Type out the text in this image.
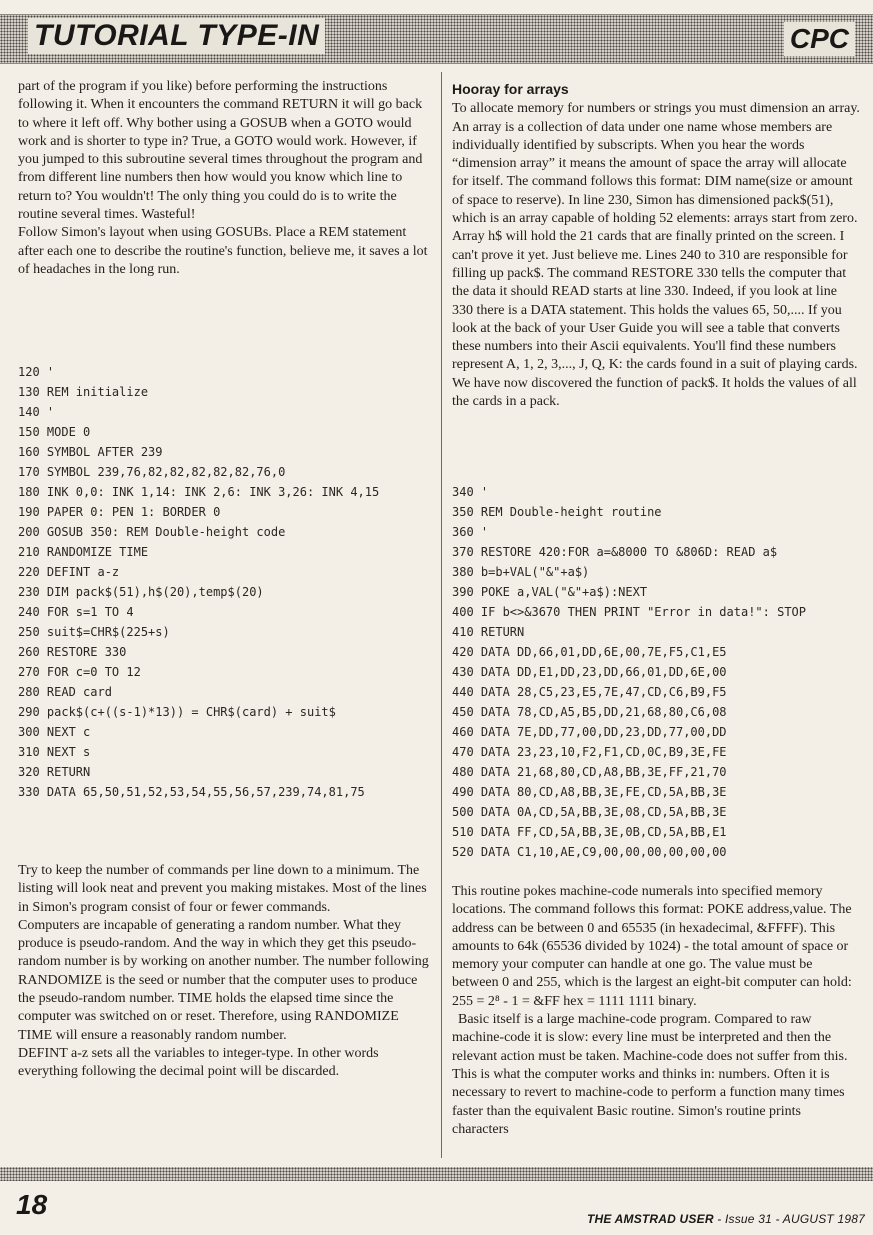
TUTORIAL TYPE-IN	CPC

part of the program if you like) before performing the instructions following it. When it encounters the command RETURN it will go back to where it left off. Why bother using a GOSUB when a GOTO would work and is shorter to type in? True, a GOTO would work. However, if you jumped to this subroutine several times throughout the program and from different line numbers then how would you know which line to return to? You wouldn't! The only thing you could do is to write the routine several times. Wasteful!

Follow Simon's layout when using GOSUBs. Place a REM statement after each one to describe the routine's function, believe me, it saves a lot of headaches in the long run.

120 '
130 REM initialize
140 '
150 MODE 0
160 SYMBOL AFTER 239
170 SYMBOL 239,76,82,82,82,82,82,76,0
180 INK 0,0: INK 1,14: INK 2,6: INK 3,26: INK 4,15
190 PAPER 0: PEN 1: BORDER 0
200 GOSUB 350: REM Double-height code
210 RANDOMIZE TIME
220 DEFINT a-z
230 DIM pack$(51),h$(20),temp$(20)
240 FOR s=1 TO 4
250 suit$=CHR$(225+s)
260 RESTORE 330
270 FOR c=0 TO 12
280 READ card
290 pack$(c+((s-1)*13)) = CHR$(card) + suit$
300 NEXT c
310 NEXT s
320 RETURN
330 DATA 65,50,51,52,53,54,55,56,57,239,74,81,75

Try to keep the number of commands per line down to a minimum. The listing will look neat and prevent you making mistakes. Most of the lines in Simon's program consist of four or fewer commands.

Computers are incapable of generating a random number. What they produce is pseudo-random. And the way in which they get this pseudo-random number is by working on another number. The number following RANDOMIZE is the seed or number that the computer uses to produce the pseudo-random number. TIME holds the elapsed time since the computer was switched on or reset. Therefore, using RANDOMIZE TIME will ensure a reasonably random number.

DEFINT a-z sets all the variables to integer-type. In other words everything following the decimal point will be discarded.

Hooray for arrays

To allocate memory for numbers or strings you must dimension an array. An array is a collection of data under one name whose members are individually identified by subscripts. When you hear the words “dimension array” it means the amount of space the array will allocate for itself. The command follows this format: DIM name(size or amount of space to reserve). In line 230, Simon has dimensioned pack$(51), which is an array capable of holding 52 elements: arrays start from zero. Array h$ will hold the 21 cards that are finally printed on the screen. I can't prove it yet. Just believe me. Lines 240 to 310 are responsible for filling up pack$. The command RESTORE 330 tells the computer that the data it should READ starts at line 330. Indeed, if you look at line 330 there is a DATA statement. This holds the values 65, 50,.... If you look at the back of your User Guide you will see a table that converts these numbers into their Ascii equivalents. You'll find these numbers represent A, 1, 2, 3,..., J, Q, K: the cards found in a suit of playing cards. We have now discovered the function of pack$. It holds the values of all the cards in a pack.

340 '
350 REM Double-height routine
360 '
370 RESTORE 420:FOR a=&8000 TO &806D: READ a$
380 b=b+VAL("&"+a$)
390 POKE a,VAL("&"+a$):NEXT
400 IF b<>&3670 THEN PRINT "Error in data!": STOP
410 RETURN
420 DATA DD,66,01,DD,6E,00,7E,F5,C1,E5
430 DATA DD,E1,DD,23,DD,66,01,DD,6E,00
440 DATA 28,C5,23,E5,7E,47,CD,C6,B9,F5
450 DATA 78,CD,A5,B5,DD,21,68,80,C6,08
460 DATA 7E,DD,77,00,DD,23,DD,77,00,DD
470 DATA 23,23,10,F2,F1,CD,0C,B9,3E,FE
480 DATA 21,68,80,CD,A8,BB,3E,FF,21,70
490 DATA 80,CD,A8,BB,3E,FE,CD,5A,BB,3E
500 DATA 0A,CD,5A,BB,3E,08,CD,5A,BB,3E
510 DATA FF,CD,5A,BB,3E,0B,CD,5A,BB,E1
520 DATA C1,10,AE,C9,00,00,00,00,00,00

This routine pokes machine-code numerals into specified memory locations. The command follows this format: POKE address,value. The address can be between 0 and 65535 (in hexadecimal, &FFFF). This amounts to 64k (65536 divided by 1024) - the total amount of space or memory your computer can handle at one go. The value must be between 0 and 255, which is the largest an eight-bit computer can hold: 255 = 2⁸ - 1 = &FF hex = 1111 1111 binary.

Basic itself is a large machine-code program. Compared to raw machine-code it is slow: every line must be interpreted and then the relevant action must be taken. Machine-code does not suffer from this. This is what the computer works and thinks in: numbers. Often it is necessary to revert to machine-code to perform a function many times faster than the equivalent Basic routine. Simon's routine prints characters

18	THE AMSTRAD USER - Issue 31 - AUGUST 1987
